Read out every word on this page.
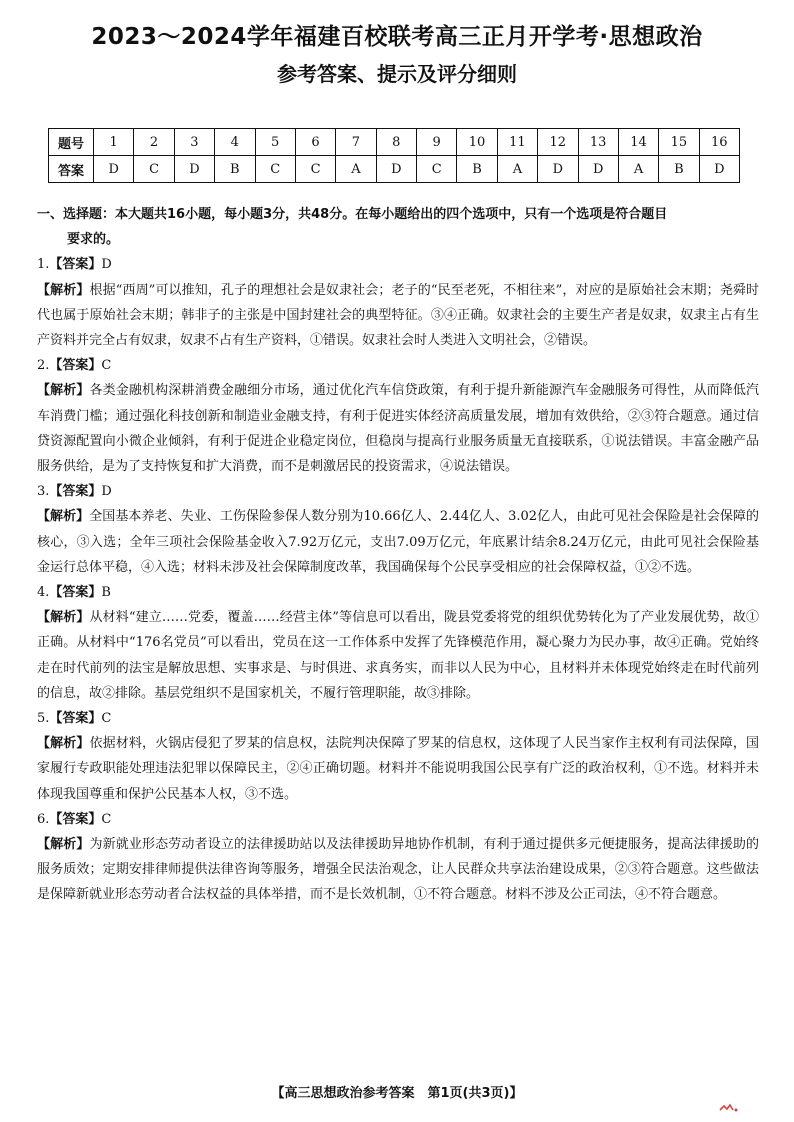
2023～2024学年福建百校联考高三正月开学考·思想政治
参考答案、提示及评分细则
题号	1	2	3	4	5	6	7	8	9	10	11	12	13	14	15	16
答案	D	C	D	B	C	C	A	D	C	B	A	D	D	A	B	D

一、选择题：本大题共16小题，每小题3分，共48分。在每小题给出的四个选项中，只有一个选项是符合题目
要求的。

1.【答案】D

【解析】根据“西周”可以推知，孔子的理想社会是奴隶社会；老子的“民至老死，不相往来”，对应的是原始社会末期；尧舜时代也属于原始社会末期；韩非子的主张是中国封建社会的典型特征。③④正确。奴隶社会的主要生产者是奴隶，奴隶主占有生产资料并完全占有奴隶，奴隶不占有生产资料，①错误。奴隶社会时人类进入文明社会，②错误。

2.【答案】C

【解析】各类金融机构深耕消费金融细分市场，通过优化汽车信贷政策，有利于提升新能源汽车金融服务可得性，从而降低汽车消费门槛；通过强化科技创新和制造业金融支持，有利于促进实体经济高质量发展，增加有效供给，②③符合题意。通过信贷资源配置向小微企业倾斜，有利于促进企业稳定岗位，但稳岗与提高行业服务质量无直接联系，①说法错误。丰富金融产品服务供给，是为了支持恢复和扩大消费，而不是刺激居民的投资需求，④说法错误。

3.【答案】D

【解析】全国基本养老、失业、工伤保险参保人数分别为10.66亿人、2.44亿人、3.02亿人，由此可见社会保险是社会保障的核心，③入选；全年三项社会保险基金收入7.92万亿元，支出7.09万亿元，年底累计结余8.24万亿元，由此可见社会保险基金运行总体平稳，④入选；材料未涉及社会保障制度改革，我国确保每个公民享受相应的社会保障权益，①②不选。

4.【答案】B

【解析】从材料“建立……党委，覆盖……经营主体”等信息可以看出，陇县党委将党的组织优势转化为了产业发展优势，故①正确。从材料中“176名党员”可以看出，党员在这一工作体系中发挥了先锋模范作用，凝心聚力为民办事，故④正确。党始终走在时代前列的法宝是解放思想、实事求是、与时俱进、求真务实，而非以人民为中心，且材料并未体现党始终走在时代前列的信息，故②排除。基层党组织不是国家机关，不履行管理职能，故③排除。

5.【答案】C

【解析】依据材料，火锅店侵犯了罗某的信息权，法院判决保障了罗某的信息权，这体现了人民当家作主权利有司法保障，国家履行专政职能处理违法犯罪以保障民主，②④正确切题。材料并不能说明我国公民享有广泛的政治权利，①不选。材料并未体现我国尊重和保护公民基本人权，③不选。

6.【答案】C

【解析】为新就业形态劳动者设立的法律援助站以及法律援助异地协作机制，有利于通过提供多元便捷服务，提高法律援助的服务质效；定期安排律师提供法律咨询等服务，增强全民法治观念，让人民群众共享法治建设成果，②③符合题意。这些做法是保障新就业形态劳动者合法权益的具体举措，而不是长效机制，①不符合题意。材料不涉及公正司法，④不符合题意。

【高三思想政治参考答案　第1页(共3页)】
